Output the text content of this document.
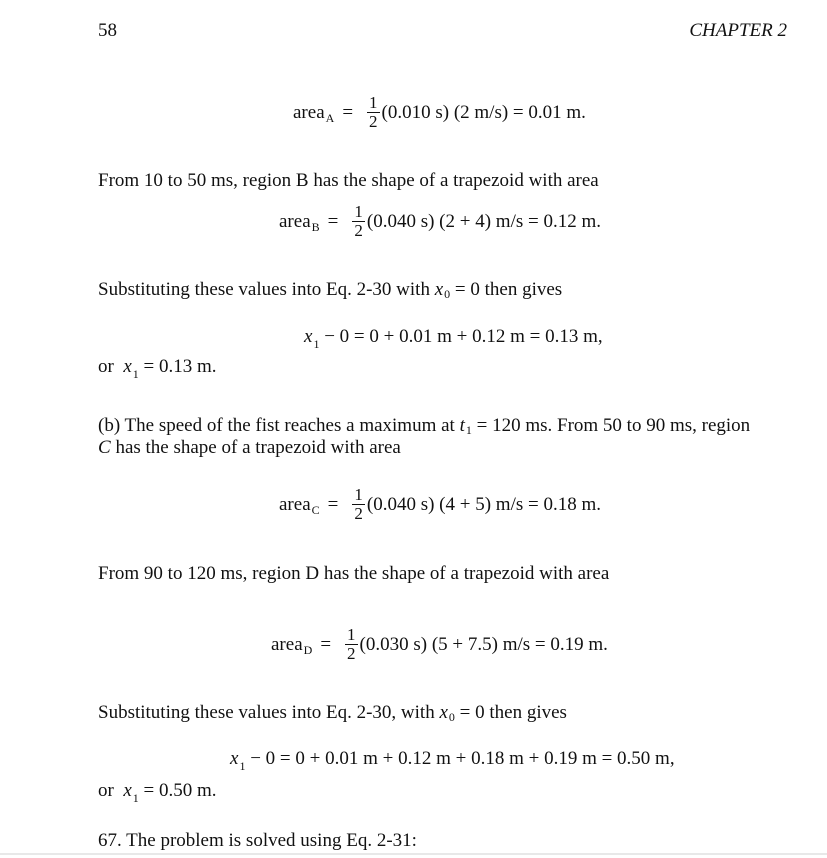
58	CHAPTER 2
area $A = \frac{1}{2} (0.010$ s) (2 m/s) = 0.01 m.
From 10 to 50 ms, region B has the shape of a trapezoid with area
area $B = \frac{1}{2} (0.040$ s) (2 + 4) m/s = 0.12 m.
Substituting these values into Eq. 2-30 with x0 = 0 then gives
$x_1 - 0 = 0 + 0.01$ m + 0.12 m = 0.13 m,
or $x_1 = 0.13$ m.
(b) The speed of the fist reaches a maximum at t1 = 120 ms. From 50 to 90 ms, region
C has the shape of a trapezoid with area
area $C = \frac{1}{2} (0.040$ s) (4 + 5) m/s = 0.18 m.
From 90 to 120 ms, region D has the shape of a trapezoid with area
area $D = \frac{1}{2} (0.030$ s) (5 + 7.5) m/s = 0.19 m.
Substituting these values into Eq. 2-30, with x0 = 0 then gives
$x_1 - 0 = 0 + 0.01$ m + 0.12 m + 0.18 m + 0.19 m = 0.50 m,
or $x_1 = 0.50$ m.
67. The problem is solved using Eq. 2-31:
